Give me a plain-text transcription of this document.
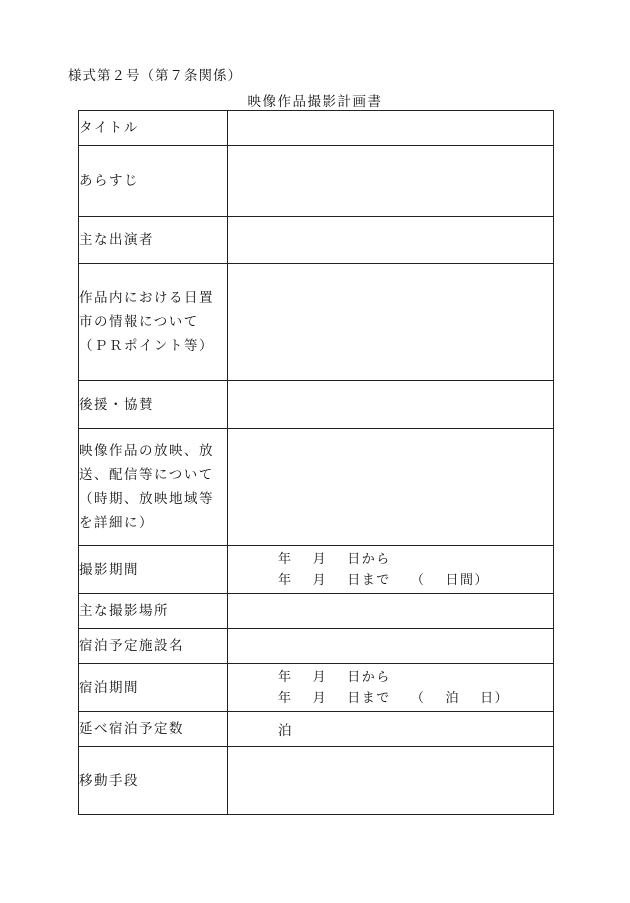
様式第２号（第７条関係）
映像作品撮影計画書
タイトル	
あらすじ	
主な出演者	

作品内における日置
市の情報について
（ＰＲポイント等）	

後援・協賛	

映像作品の放映、放
送、配信等について
（時期、放映地域等
を詳細に）	

撮影期間	年　 月　 日から
年　 月　 日まで　 （　 日間）

主な撮影場所	
宿泊予定施設名	
宿泊期間	年　 月　 日から
年　 月　 日まで　 （　 泊　 日）

延べ宿泊予定数	泊
移動手段	
